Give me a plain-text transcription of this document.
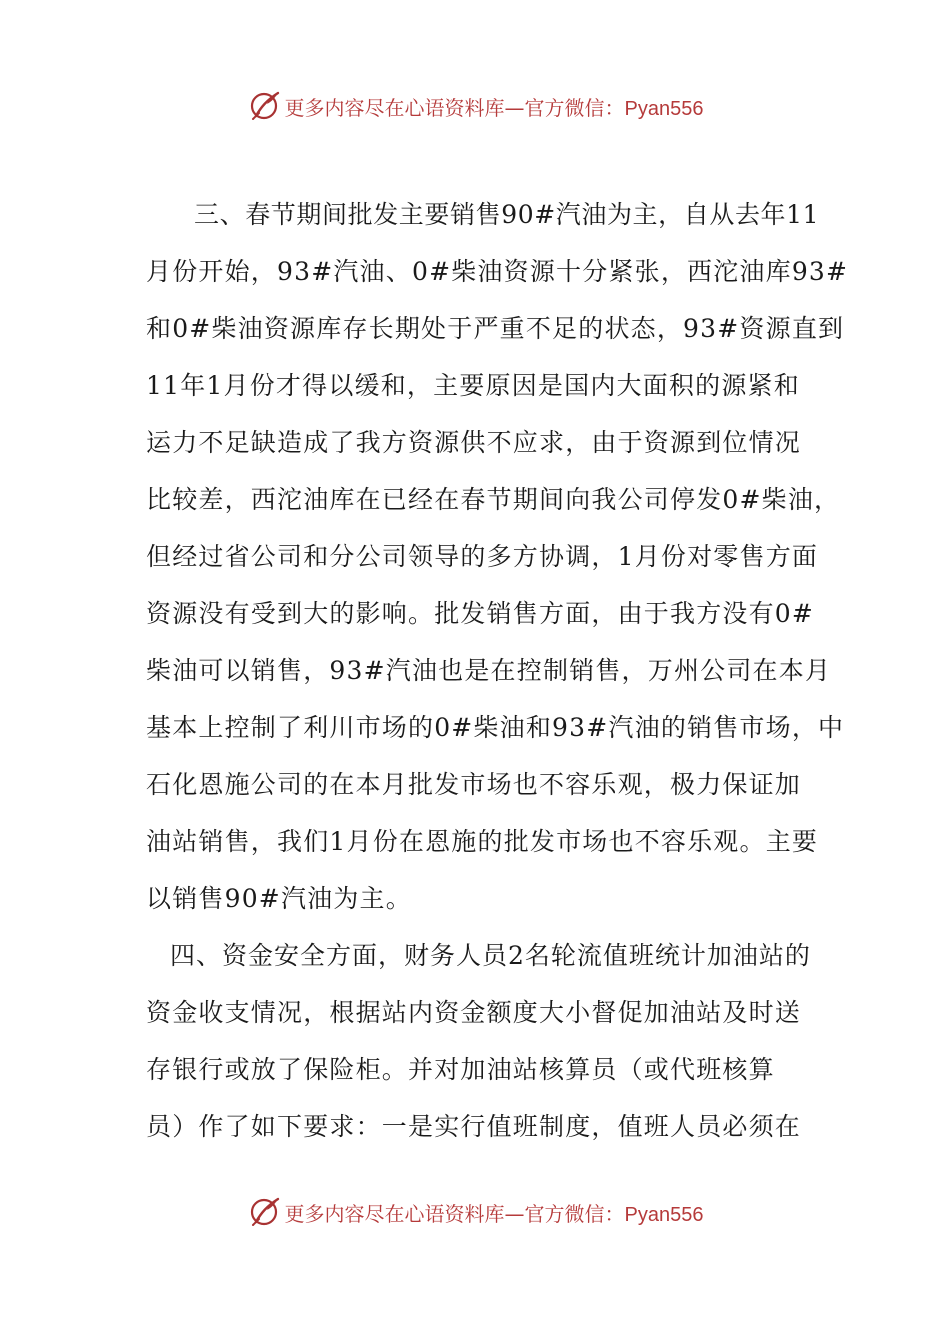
更多内容尽在心语资料库—官方微信：Pyan556
三、春节期间批发主要销售90#汽油为主，自从去年11
月份开始，93#汽油、0#柴油资源十分紧张，西沱油库93#
和0#柴油资源库存长期处于严重不足的状态，93#资源直到
11年1月份才得以缓和，主要原因是国内大面积的源紧和
运力不足缺造成了我方资源供不应求，由于资源到位情况
比较差，西沱油库在已经在春节期间向我公司停发0#柴油，
但经过省公司和分公司领导的多方协调，1月份对零售方面
资源没有受到大的影响。批发销售方面，由于我方没有0#
柴油可以销售，93#汽油也是在控制销售，万州公司在本月
基本上控制了利川市场的0#柴油和93#汽油的销售市场，中
石化恩施公司的在本月批发市场也不容乐观，极力保证加
油站销售，我们1月份在恩施的批发市场也不容乐观。主要
以销售90#汽油为主。
四、资金安全方面，财务人员2名轮流值班统计加油站的
资金收支情况，根据站内资金额度大小督促加油站及时送
存银行或放了保险柜。并对加油站核算员（或代班核算
员）作了如下要求：一是实行值班制度，值班人员必须在
更多内容尽在心语资料库—官方微信：Pyan556
